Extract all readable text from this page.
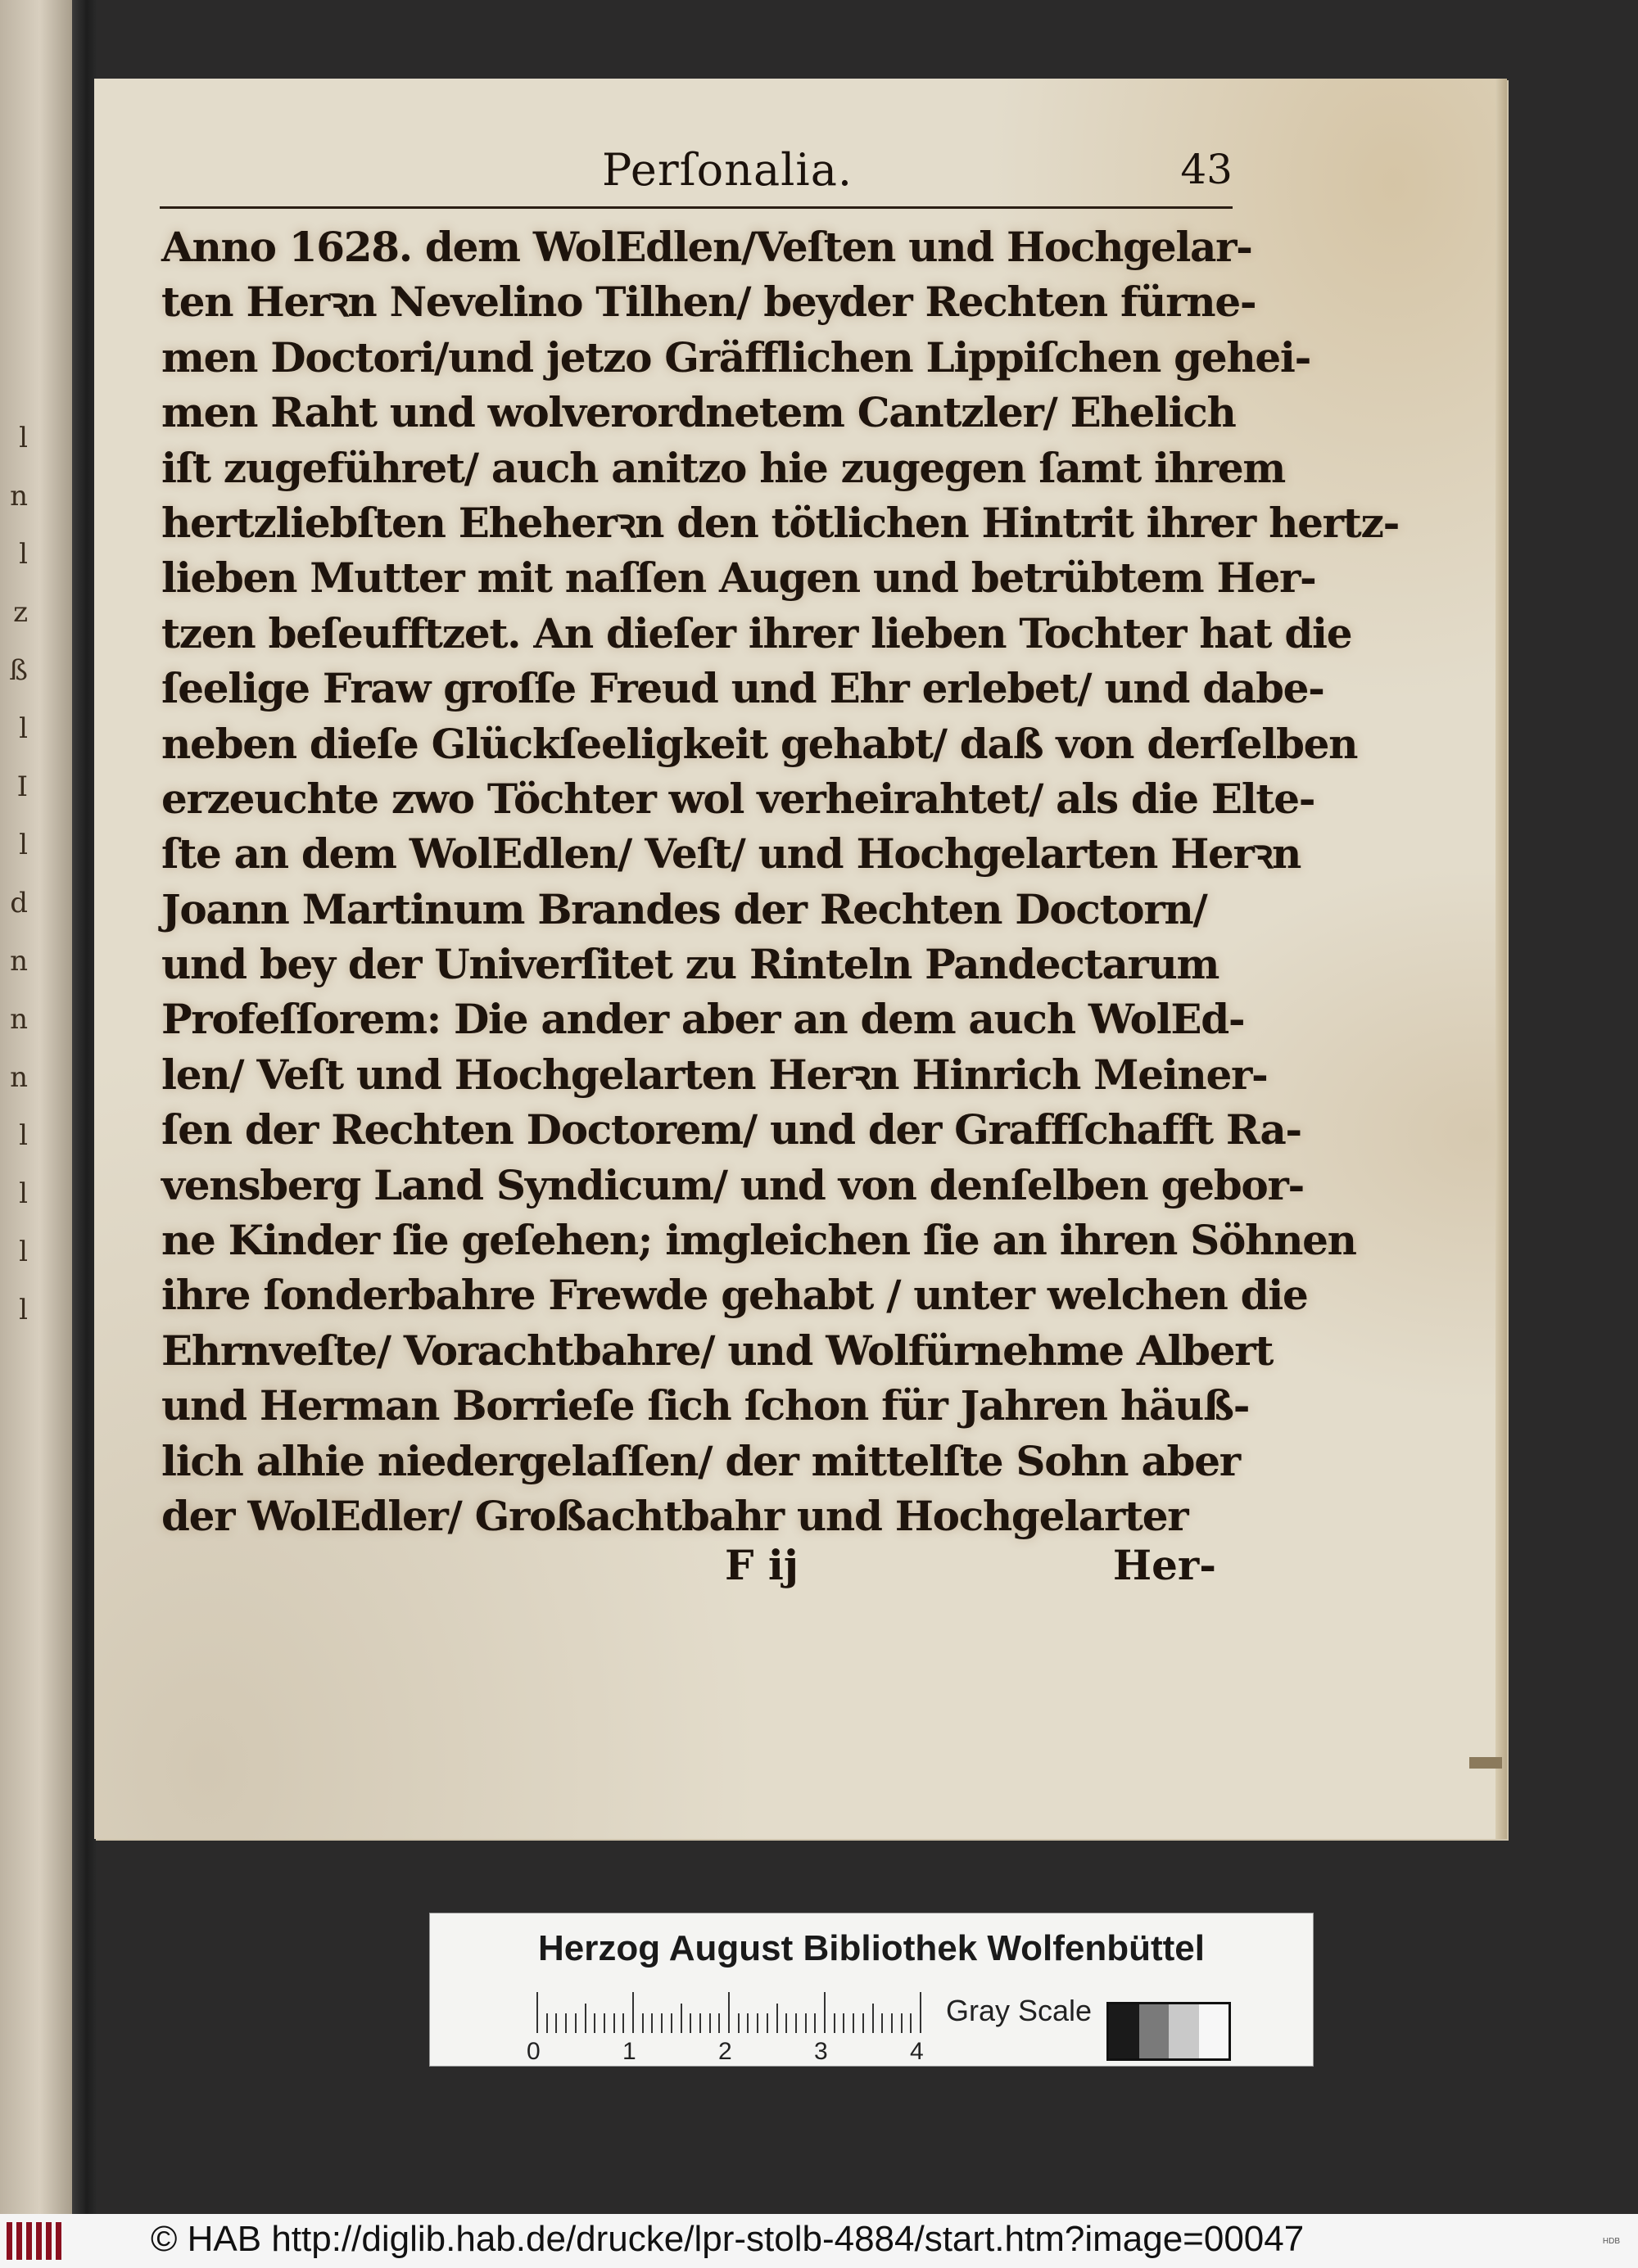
l
n
l
z
ß
l
I
l
d
n
n
n
l
l
l
l
Perſonalia.	43
Anno 1628. dem WolEdlen/Veſten und Hochgelar-
ten Herꝛn Nevelino Tilhen/ beyder Rechten fürne-
men Doctori/und jetzo Gräfflichen Lippiſchen gehei-
men Raht und wolverordnetem Cantzler/ Ehelich
iſt zugeführet/ auch anitzo hie zugegen ſamt ihrem
hertzliebſten Eheherꝛn den tötlichen Hintrit ihrer hertz-
lieben Mutter mit naſſen Augen und betrübtem Her-
tzen beſeufftzet. An dieſer ihrer lieben Tochter hat die
ſeelige Fraw groſſe Freud und Ehr erlebet/ und dabe-
neben dieſe Glückſeeligkeit gehabt/ daß von derſelben
erzeuchte zwo Töchter wol verheirahtet/ als die Elte-
ſte an dem WolEdlen/ Veſt/ und Hochgelarten Herꝛn
Joann Martinum Brandes der Rechten Doctorn/
und bey der Univerſitet zu Rinteln Pandectarum
Profeſſorem: Die ander aber an dem auch WolEd-
len/ Veſt und Hochgelarten Herꝛn Hinrich Meiner-
ſen der Rechten Doctorem/ und der Graffſchafft Ra-
vensberg Land Syndicum/ und von denſelben gebor-
ne Kinder ſie geſehen; imgleichen ſie an ihren Söhnen
ihre ſonderbahre Frewde gehabt / unter welchen die
Ehrnveſte/ Vorachtbahre/ und Wolfürnehme Albert
und Herman Borrieſe ſich ſchon für Jahren häuß-
lich alhie niedergelaſſen/ der mittelſte Sohn aber
der WolEdler/ Großachtbahr und Hochgelarter
F ij	Her-
Herzog August Bibliothek Wolfenbüttel
0	1	2	3	4
Gray Scale
© HAB http://diglib.hab.de/drucke/lpr-stolb-4884/start.htm?image=00047	HDB
